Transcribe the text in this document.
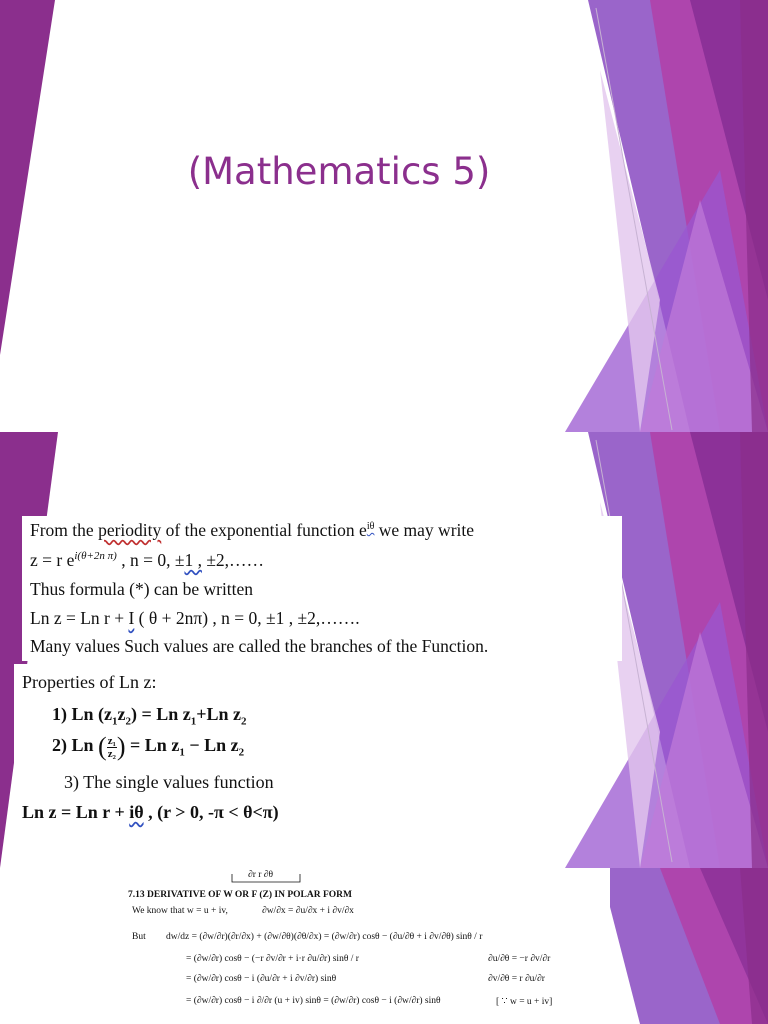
(Mathematics 5)
From the periodity of the exponential function $e^{i\theta}$ we may write
z = r $e^{i(\theta+2n \pi)}$ , n = 0, ±1 , ±2,……
Thus formula (*) can be written
Ln z = Ln r + I ( θ + 2nπ) , n = 0, ±1 , ±2,…….
Many values Such values are called the branches of the Function.
Properties of Ln z:
1) Ln $(z_1z_2) = Ln$ $z_1+Ln$ $z_2$
2) Ln ( $\frac{\text{z₁}}{\text{z₂}}$ ) = Ln $z_1 - Ln$ $z_2$
3) The single values function
Ln z = Ln r + iθ , (r > 0, -π < θ<π)
∂r r ∂θ
7.13 DERIVATIVE OF W OR F (Z) IN POLAR FORM
We know that w = u + iv,	∂w/∂x = ∂u/∂x + i ∂v/∂x
But dw/dz = (∂w/∂r)(∂r/∂x) + (∂w/∂θ)(∂θ/∂x) = (∂w/∂r) cosθ − (∂u/∂θ + i ∂v/∂θ) sinθ / r
= (∂w/∂r) cosθ − (−r ∂v/∂r + i·r ∂u/∂r) sinθ / r
= (∂w/∂r) cosθ − i (∂u/∂r + i ∂v/∂r) sinθ
= (∂w/∂r) cosθ − i ∂/∂r (u + iv) sinθ = (∂w/∂r) cosθ − i (∂w/∂r) sinθ
∂u/∂θ = −r ∂v/∂r
∂v/∂θ = r ∂u/∂r
[ ∵ w = u + iv]
